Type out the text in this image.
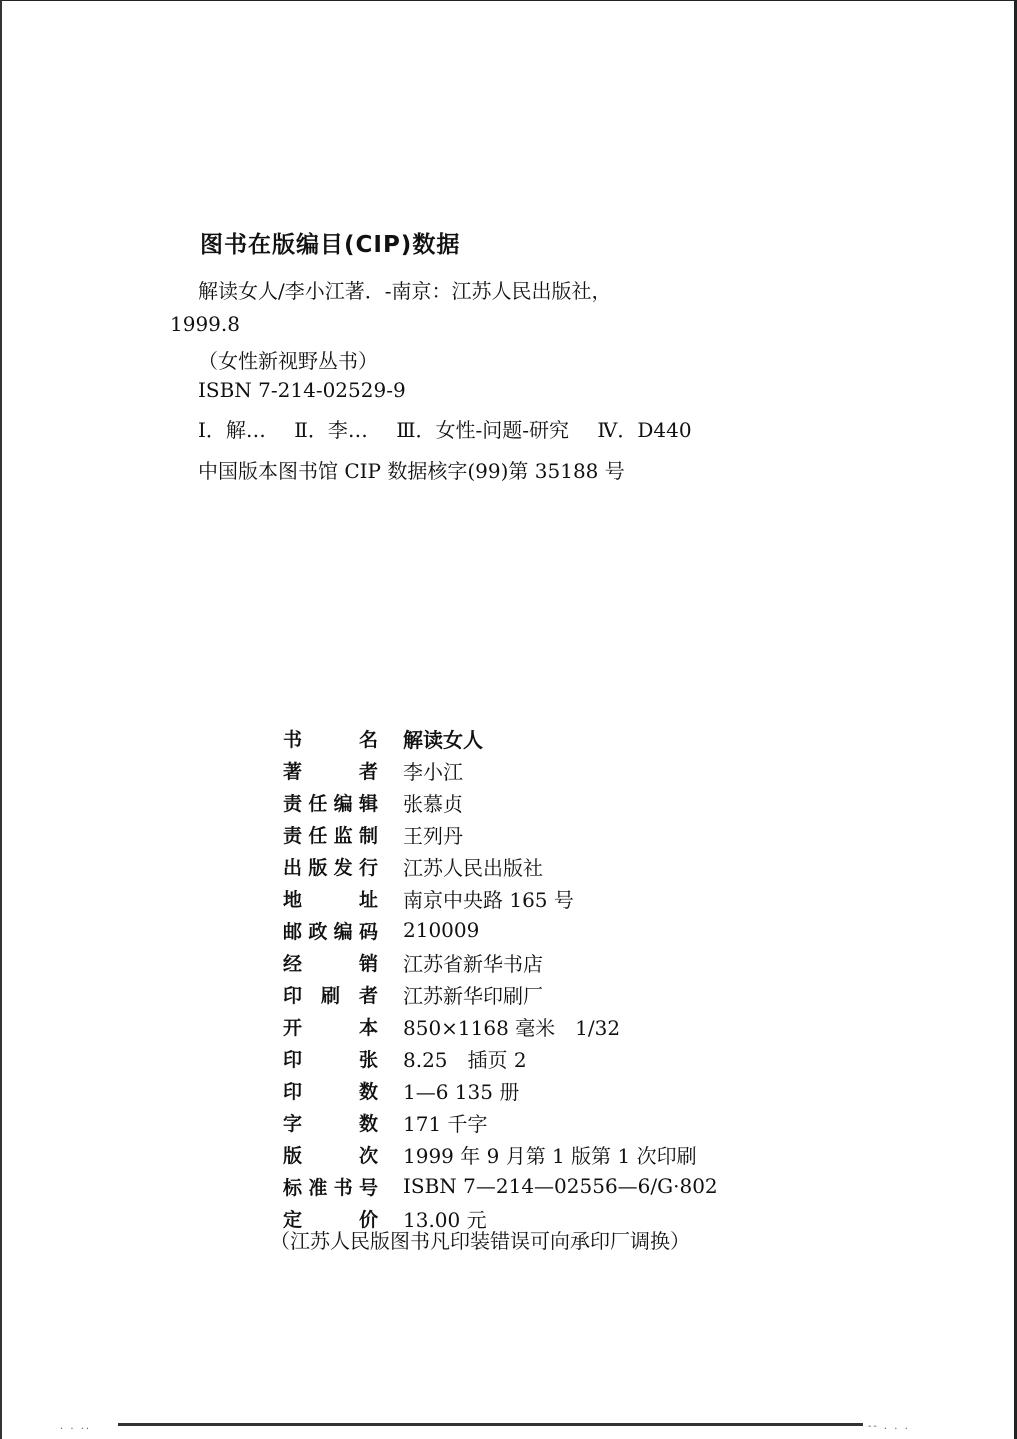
图书在版编目(CIP)数据
解读女人/李小江著．-南京：江苏人民出版社，
1999.8
（女性新视野丛书）
ISBN 7-214-02529-9
Ⅰ．解… Ⅱ．李… Ⅲ．女性-问题-研究 Ⅳ．D440
中国版本图书馆 CIP 数据核字(99)第 35188 号
书	名 解读女人
著	者 李小江
责 任 编 辑 张慕贞
责 任 监 制 王列丹
出 版 发 行 江苏人民出版社
地	址 南京中央路 165 号
邮 政 编 码 210009
经	销 江苏省新华书店
印 刷 者 江苏新华印刷厂
开	本 850×1168 毫米　1/32
印	张 8.25　插页 2
印	数 1—6 135 册
字	数 171 千字
版	次 1999 年 9 月第 1 版第 1 次印刷
标 准 书 号 ISBN 7—214—02556—6/G·802
定	价 13.00 元
（江苏人民版图书凡印装错误可向承印厂调换）
. . ..	-- . . .
